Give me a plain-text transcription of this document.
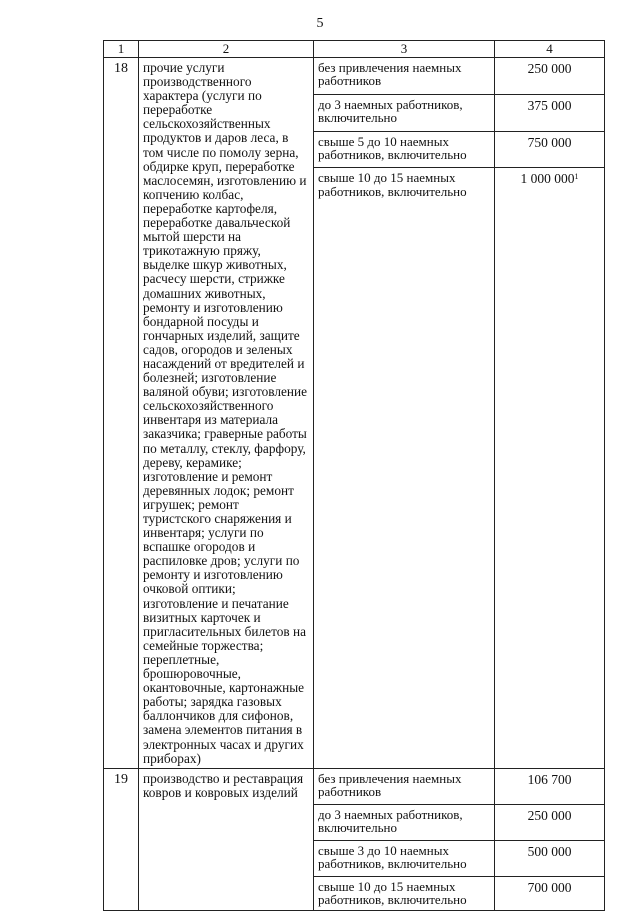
5
1	2	3	4
18	прочие услуги производственного характера (услуги по переработке сельскохозяйственных продуктов и даров леса, в том числе по помолу зерна, обдирке круп, переработке маслосемян, изготовлению и копчению колбас, переработке картофеля, переработке давальческой мытой шерсти на трикотажную пряжу, выделке шкур животных, расчесу шерсти, стрижке домашних животных, ремонту и изготовлению бондарной посуды и гончарных изделий, защите садов, огородов и зеленых насаждений от вредителей и болезней; изготовление валяной обуви; изготовление сельскохозяйственного инвентаря из материала заказчика; граверные работы по металлу, стеклу, фарфору, дереву, керамике; изготовление и ремонт деревянных лодок; ремонт игрушек; ремонт туристского снаряжения и инвентаря; услуги по вспашке огородов и распиловке дров; услуги по ремонту и изготовлению очковой оптики; изготовление и печатание визитных карточек и пригласительных билетов на семейные торжества; переплетные, брошюровочные, окантовочные, картонажные работы; зарядка газовых баллончиков для сифонов, замена элементов питания в электронных часах и других приборах)	без привлечения наемных работников	250 000
		до 3 наемных работников, включительно	375 000
		свыше 5 до 10 наемных работников, включительно	750 000
		свыше 10 до 15 наемных работников, включительно	1 000 $000^1$
19	производство и реставрация ковров и ковровых изделий	без привлечения наемных работников	106 700
		до 3 наемных работников, включительно	250 000
		свыше 3 до 10 наемных работников, включительно	500 000
		свыше 10 до 15 наемных работников, включительно	700 000
